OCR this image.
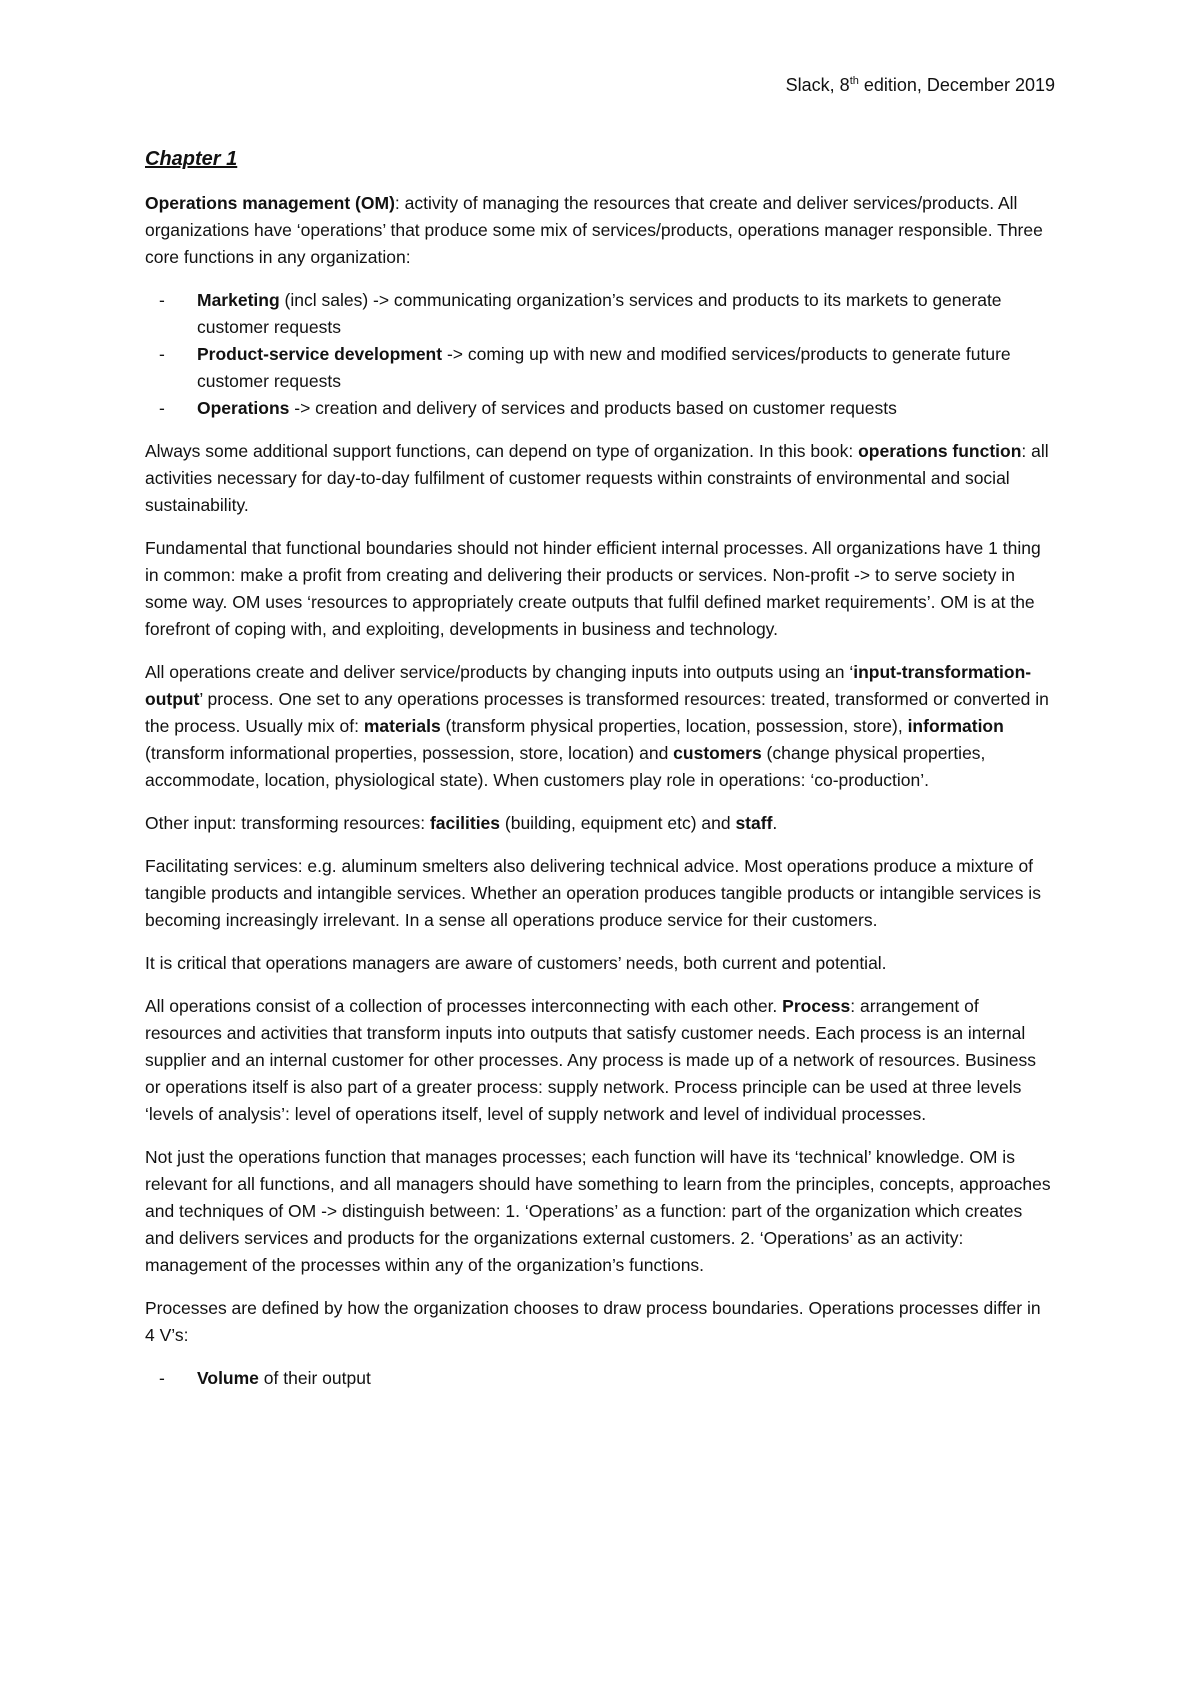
Slack, 8th edition, December 2019
Chapter 1

Operations management (OM): activity of managing the resources that create and deliver services/products. All organizations have ‘operations’ that produce some mix of services/products, operations manager responsible. Three core functions in any organization:

- Marketing (incl sales) -> communicating organization’s services and products to its markets to generate customer requests
- Product-service development -> coming up with new and modified services/products to generate future customer requests
- Operations -> creation and delivery of services and products based on customer requests

Always some additional support functions, can depend on type of organization. In this book: operations function: all activities necessary for day-to-day fulfilment of customer requests within constraints of environmental and social sustainability.

Fundamental that functional boundaries should not hinder efficient internal processes. All organizations have 1 thing in common: make a profit from creating and delivering their products or services. Non-profit -> to serve society in some way. OM uses ‘resources to appropriately create outputs that fulfil defined market requirements’. OM is at the forefront of coping with, and exploiting, developments in business and technology.

All operations create and deliver service/products by changing inputs into outputs using an ‘input-transformation-output’ process. One set to any operations processes is transformed resources: treated, transformed or converted in the process. Usually mix of: materials (transform physical properties, location, possession, store), information (transform informational properties, possession, store, location) and customers (change physical properties, accommodate, location, physiological state). When customers play role in operations: ‘co-production’.

Other input: transforming resources: facilities (building, equipment etc) and staff.

Facilitating services: e.g. aluminum smelters also delivering technical advice. Most operations produce a mixture of tangible products and intangible services. Whether an operation produces tangible products or intangible services is becoming increasingly irrelevant. In a sense all operations produce service for their customers.

It is critical that operations managers are aware of customers’ needs, both current and potential.

All operations consist of a collection of processes interconnecting with each other. Process: arrangement of resources and activities that transform inputs into outputs that satisfy customer needs. Each process is an internal supplier and an internal customer for other processes. Any process is made up of a network of resources. Business or operations itself is also part of a greater process: supply network. Process principle can be used at three levels ‘levels of analysis’: level of operations itself, level of supply network and level of individual processes.

Not just the operations function that manages processes; each function will have its ‘technical’ knowledge. OM is relevant for all functions, and all managers should have something to learn from the principles, concepts, approaches and techniques of OM -> distinguish between: 1. ‘Operations’ as a function: part of the organization which creates and delivers services and products for the organizations external customers. 2. ‘Operations’ as an activity: management of the processes within any of the organization’s functions.

Processes are defined by how the organization chooses to draw process boundaries. Operations processes differ in 4 V’s:

- Volume of their output
